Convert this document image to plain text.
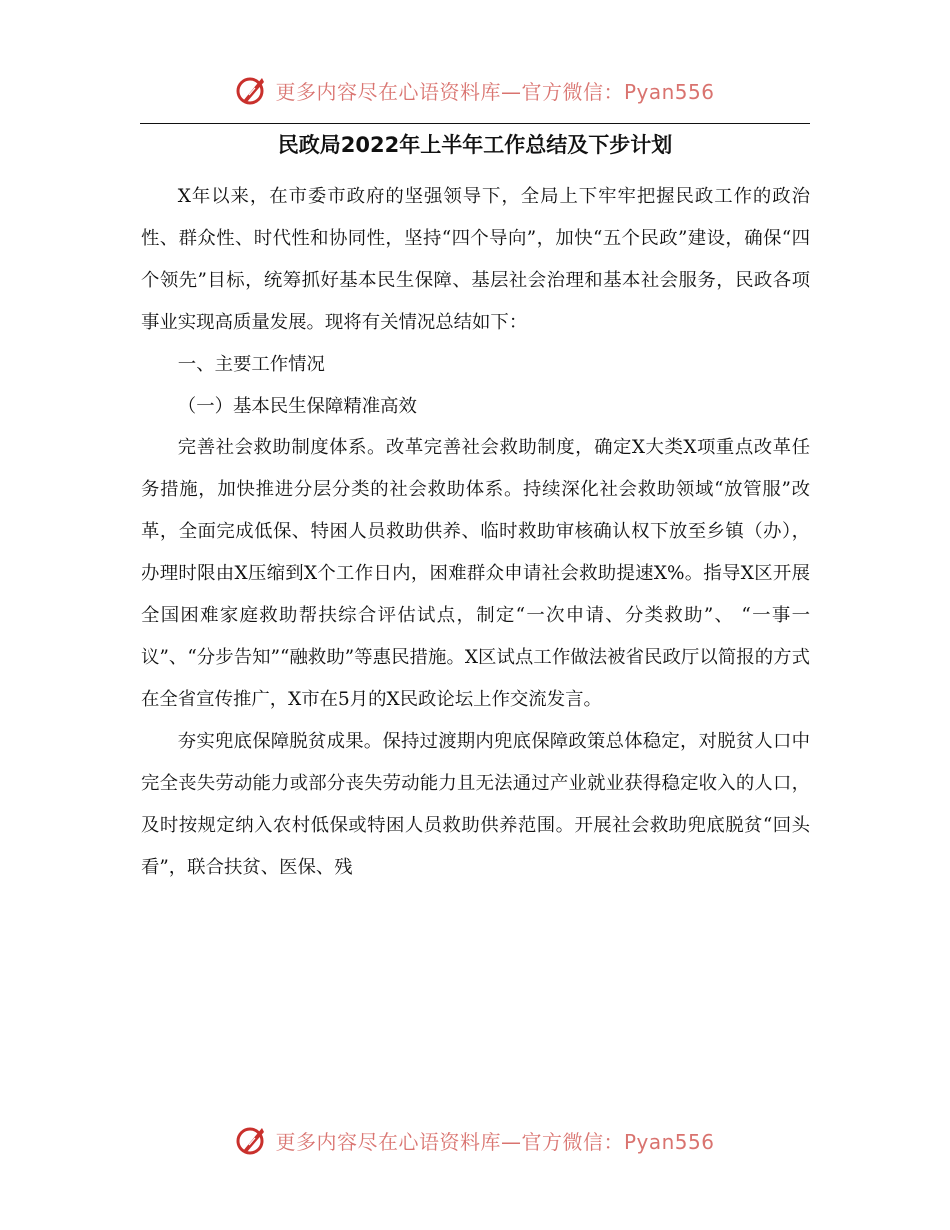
更多内容尽在心语资料库—官方微信：Pyan556
民政局2022年上半年工作总结及下步计划

X年以来，在市委市政府的坚强领导下，全局上下牢牢把握民政工作的政治性、群众性、时代性和协同性，坚持“四个导向”，加快“五个民政”建设，确保“四个领先”目标，统筹抓好基本民生保障、基层社会治理和基本社会服务，民政各项事业实现高质量发展。现将有关情况总结如下：

一、主要工作情况

（一）基本民生保障精准高效

完善社会救助制度体系。改革完善社会救助制度，确定X大类X项重点改革任务措施，加快推进分层分类的社会救助体系。持续深化社会救助领域“放管服”改革，全面完成低保、特困人员救助供养、临时救助审核确认权下放至乡镇（办），办理时限由X压缩到X个工作日内，困难群众申请社会救助提速X%。指导X区开展全国困难家庭救助帮扶综合评估试点，制定“一次申请、分类救助”、 “一事一议”、“分步告知”“融救助”等惠民措施。X区试点工作做法被省民政厅以简报的方式在全省宣传推广，X市在5月的X民政论坛上作交流发言。

夯实兜底保障脱贫成果。保持过渡期内兜底保障政策总体稳定，对脱贫人口中完全丧失劳动能力或部分丧失劳动能力且无法通过产业就业获得稳定收入的人口，及时按规定纳入农村低保或特困人员救助供养范围。开展社会救助兜底脱贫“回头看”，联合扶贫、医保、残

更多内容尽在心语资料库—官方微信：Pyan556
